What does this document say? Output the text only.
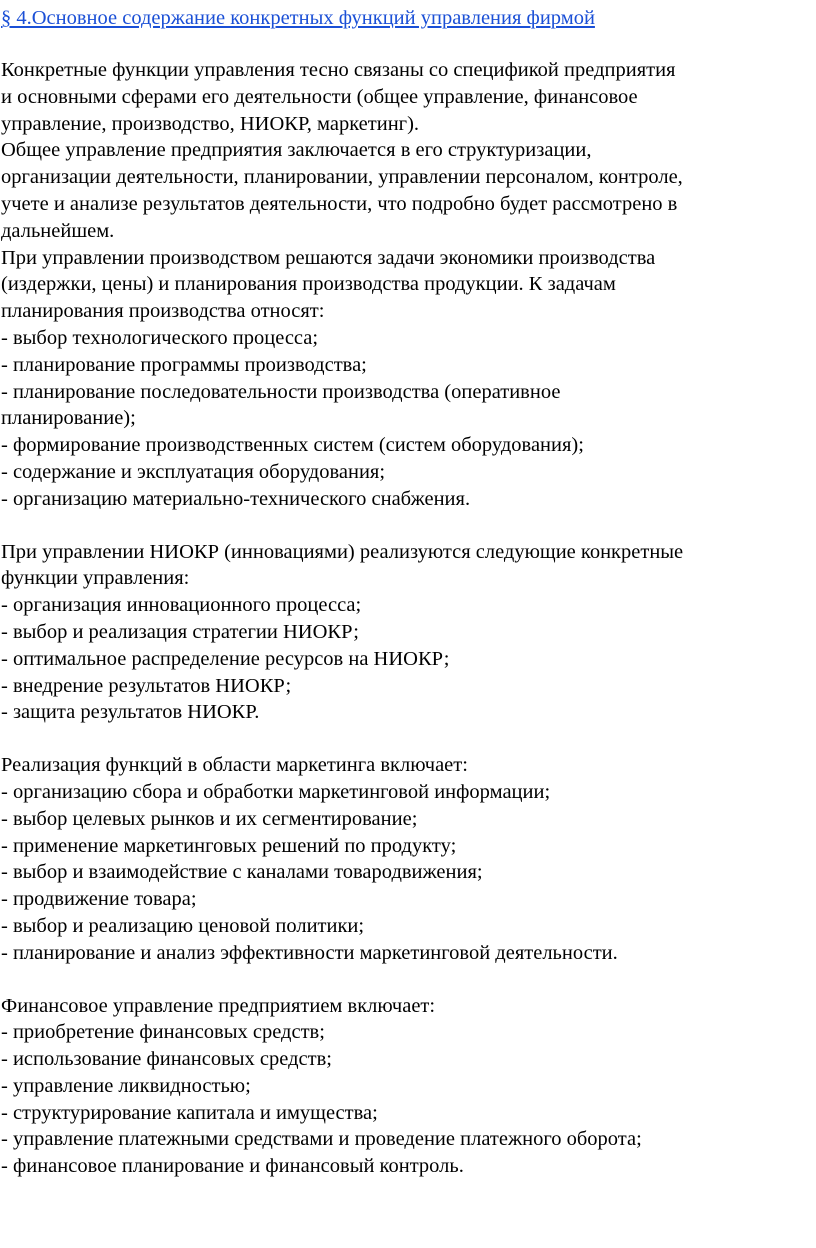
§ 4.Основное содержание конкретных функций управления фирмой
Конкретные функции управления тесно связаны со спецификой предприятия
и основными сферами его деятельности (общее управление, финансовое
управление, производство, НИОКР, маркетинг).
Общее управление предприятия заключается в его структуризации,
организации деятельности, планировании, управлении персоналом, контроле,
учете и анализе результатов деятельности, что подробно будет рассмотрено в
дальнейшем.
При управлении производством решаются задачи экономики производства
(издержки, цены) и планирования производства продукции. К задачам
планирования производства относят:
- выбор технологического процесса;
- планирование программы производства;
- планирование последовательности производства (оперативное
планирование);
- формирование производственных систем (систем оборудования);
- содержание и эксплуатация оборудования;
- организацию материально-технического снабжения.
При управлении НИОКР (инновациями) реализуются следующие конкретные
функции управления:
- организация инновационного процесса;
- выбор и реализация стратегии НИОКР;
- оптимальное распределение ресурсов на НИОКР;
- внедрение результатов НИОКР;
- защита результатов НИОКР.
Реализация функций в области маркетинга включает:
- организацию сбора и обработки маркетинговой информации;
- выбор целевых рынков и их сегментирование;
- применение маркетинговых решений по продукту;
- выбор и взаимодействие с каналами товародвижения;
- продвижение товара;
- выбор и реализацию ценовой политики;
- планирование и анализ эффективности маркетинговой деятельности.
Финансовое управление предприятием включает:
- приобретение финансовых средств;
- использование финансовых средств;
- управление ликвидностью;
- структурирование капитала и имущества;
- управление платежными средствами и проведение платежного оборота;
- финансовое планирование и финансовый контроль.
